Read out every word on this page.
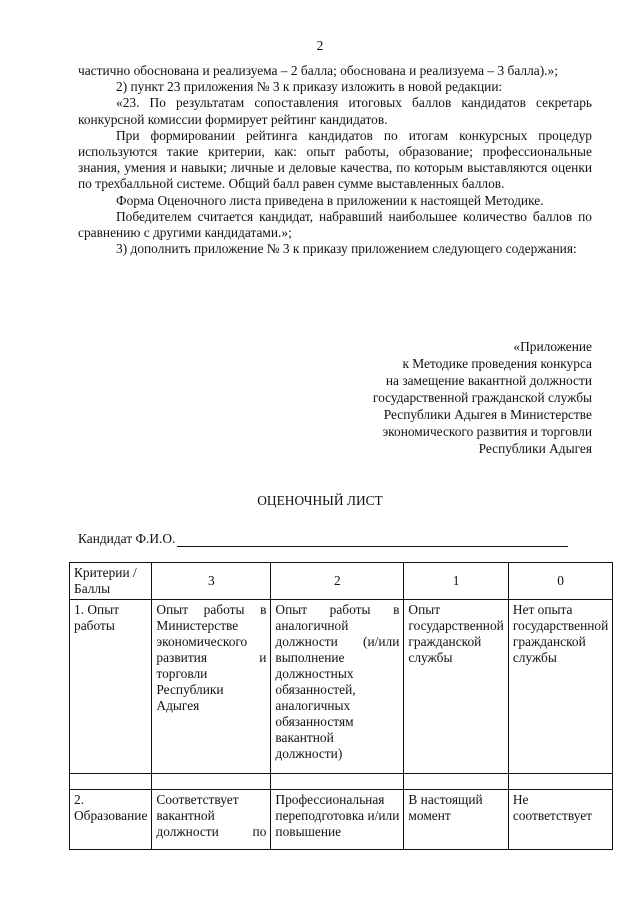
2

частично обоснована и реализуема – 2 балла; обоснована и реализуема – 3 балла).»;

2) пункт 23 приложения № 3 к приказу изложить в новой редакции:

«23. По результатам сопоставления итоговых баллов кандидатов секретарь конкурсной комиссии формирует рейтинг кандидатов.

При формировании рейтинга кандидатов по итогам конкурсных процедур используются такие критерии, как: опыт работы, образование; профессиональные знания, умения и навыки; личные и деловые качества, по которым выставляются оценки по трехбалльной системе. Общий балл равен сумме выставленных баллов.

Форма Оценочного листа приведена в приложении к настоящей Методике.

Победителем считается кандидат, набравший наибольшее количество баллов по сравнению с другими кандидатами.»;

3) дополнить приложение № 3 к приказу приложением следующего содержания:

«Приложение
к Методике проведения конкурса
на замещение вакантной должности
государственной гражданской службы
Республики Адыгея в Министерстве
экономического развития и торговли
Республики Адыгея
ОЦЕНОЧНЫЙ ЛИСТ
Кандидат Ф.И.О.
Критерии /Баллы	3	2	1	0
1. Опыт работы	Опыт работы в Министерстве экономического развития и торговли Республики Адыгея	Опыт работы в аналогичной должности (и/или выполнение должностных обязанностей, аналогичных обязанностям вакантной должности)	Опыт государственной гражданской службы	Нет опыта государственной гражданской службы

2. Образование	Соответствует вакантной должности по	Профессиональная переподготовка и/или повышение	В настоящий момент	Не соответствует
